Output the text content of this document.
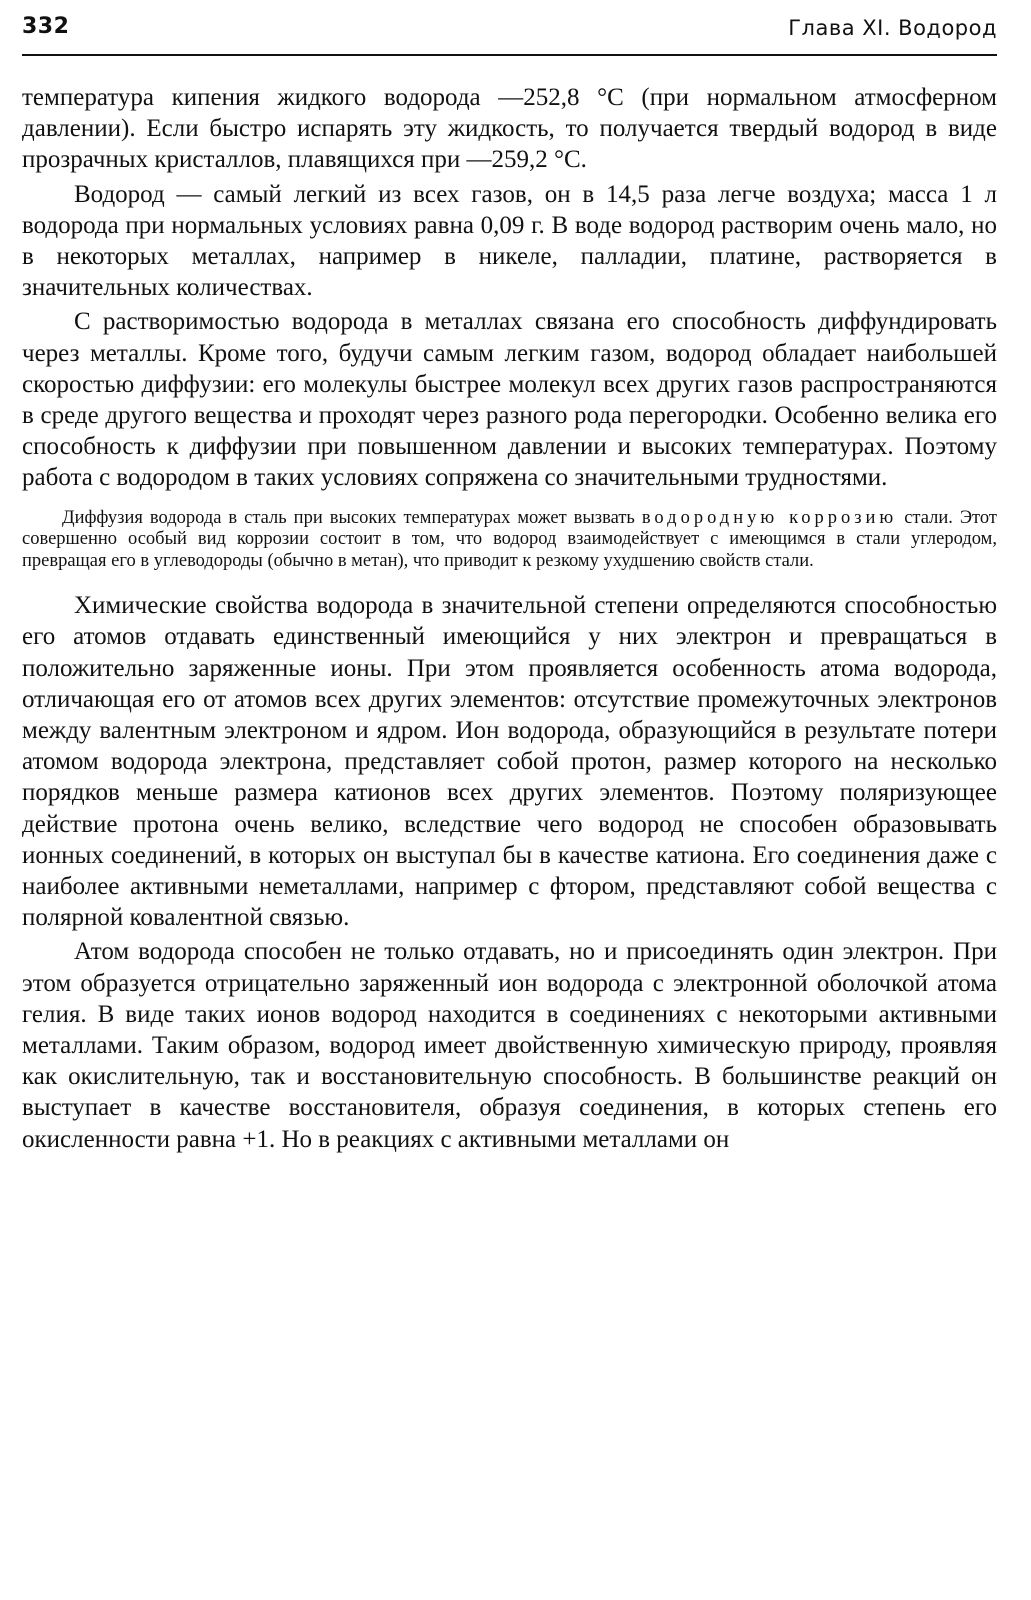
332	Глава XI. Водород

температура кипения жидкого водорода —252,8 °С (при нормальном атмосферном давлении). Если быстро испарять эту жидкость, то получается твердый водород в виде прозрачных кристаллов, плавящихся при —259,2 °С.

Водород — самый легкий из всех газов, он в 14,5 раза легче воздуха; масса 1 л водорода при нормальных условиях равна 0,09 г. В воде водород растворим очень мало, но в некоторых металлах, например в никеле, палладии, платине, растворяется в значительных количествах.

С растворимостью водорода в металлах связана его способность диффундировать через металлы. Кроме того, будучи самым легким газом, водород обладает наибольшей скоростью диффузии: его молекулы быстрее молекул всех других газов распространяются в среде другого вещества и проходят через разного рода перегородки. Особенно велика его способность к диффузии при повышенном давлении и высоких температурах. Поэтому работа с водородом в таких условиях сопряжена со значительными трудностями.

Диффузия водорода в сталь при высоких температурах может вызвать водородную коррозию стали. Этот совершенно особый вид коррозии состоит в том, что водород взаимодействует с имеющимся в стали углеродом, превращая его в углеводороды (обычно в метан), что приводит к резкому ухудшению свойств стали.

Химические свойства водорода в значительной степени определяются способностью его атомов отдавать единственный имеющийся у них электрон и превращаться в положительно заряженные ионы. При этом проявляется особенность атома водорода, отличающая его от атомов всех других элементов: отсутствие промежуточных электронов между валентным электроном и ядром. Ион водорода, образующийся в результате потери атомом водорода электрона, представляет собой протон, размер которого на несколько порядков меньше размера катионов всех других элементов. Поэтому поляризующее действие протона очень велико, вследствие чего водород не способен образовывать ионных соединений, в которых он выступал бы в качестве катиона. Его соединения даже с наиболее активными неметаллами, например с фтором, представляют собой вещества с полярной ковалентной связью.

Атом водорода способен не только отдавать, но и присоединять один электрон. При этом образуется отрицательно заряженный ион водорода с электронной оболочкой атома гелия. В виде таких ионов водород находится в соединениях с некоторыми активными металлами. Таким образом, водород имеет двойственную химическую природу, проявляя как окислительную, так и восстановительную способность. В большинстве реакций он выступает в качестве восстановителя, образуя соединения, в которых степень его окисленности равна +1. Но в реакциях с активными металлами он
